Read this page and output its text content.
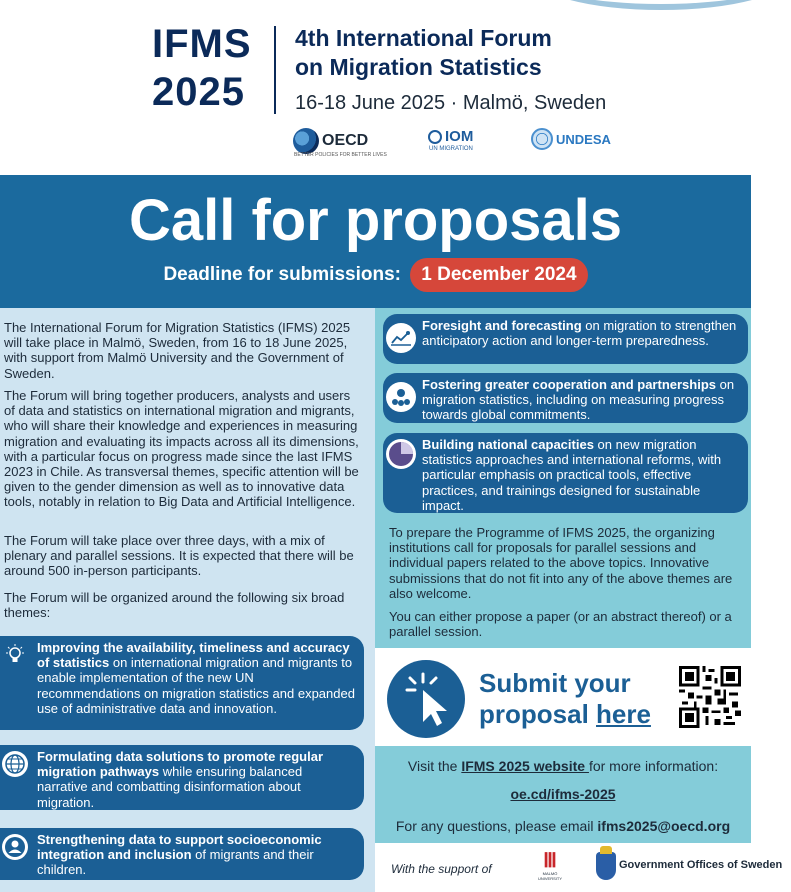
IFMS
2025
4th International Forum
on Migration Statistics
16-18 June 2025 · Malmö, Sweden
OECD
BETTER POLICIES FOR BETTER LIVES
IOM
UN MIGRATION
UNDESA
Call for proposals
Deadline for submissions: 1 December 2024

The International Forum for Migration Statistics (IFMS) 2025 will take place in Malmö, Sweden, from 16 to 18 June 2025, with support from Malmö University and the Government of Sweden.

The Forum will bring together producers, analysts and users of data and statistics on international migration and migrants, who will share their knowledge and experiences in measuring migration and evaluating its impacts across all its dimensions, with a particular focus on progress made since the last IFMS 2023 in Chile. As transversal themes, specific attention will be given to the gender dimension as well as to innovative data tools, notably in relation to Big Data and Artificial Intelligence.

The Forum will take place over three days, with a mix of plenary and parallel sessions. It is expected that there will be around 500 in-person participants.

The Forum will be organized around the following six broad themes:

Improving the availability, timeliness and accuracy of statistics on international migration and migrants to enable implementation of the new UN recommendations on migration statistics and expanded use of administrative data and innovation.
Formulating data solutions to promote regular migration pathways while ensuring balanced narrative and combatting disinformation about migration.
Strengthening data to support socioeconomic integration and inclusion of migrants and their children.
Foresight and forecasting on migration to strengthen anticipatory action and longer-term preparedness.
Fostering greater cooperation and partnerships on migration statistics, including on measuring progress towards global commitments.
Building national capacities on new migration statistics approaches and international reforms, with particular emphasis on practical tools, effective practices, and trainings designed for sustainable impact.

To prepare the Programme of IFMS 2025, the organizing institutions call for proposals for parallel sessions and individual papers related to the above topics. Innovative submissions that do not fit into any of the above themes are also welcome.

You can either propose a paper (or an abstract thereof) or a parallel session.

Submit your
proposal here
Visit the IFMS 2025 website for more information:
oe.cd/ifms-2025
For any questions, please email ifms2025@oecd.org
With the support of	Ⅲ
MALMÖ UNIVERSITY
Government Offices of Sweden
